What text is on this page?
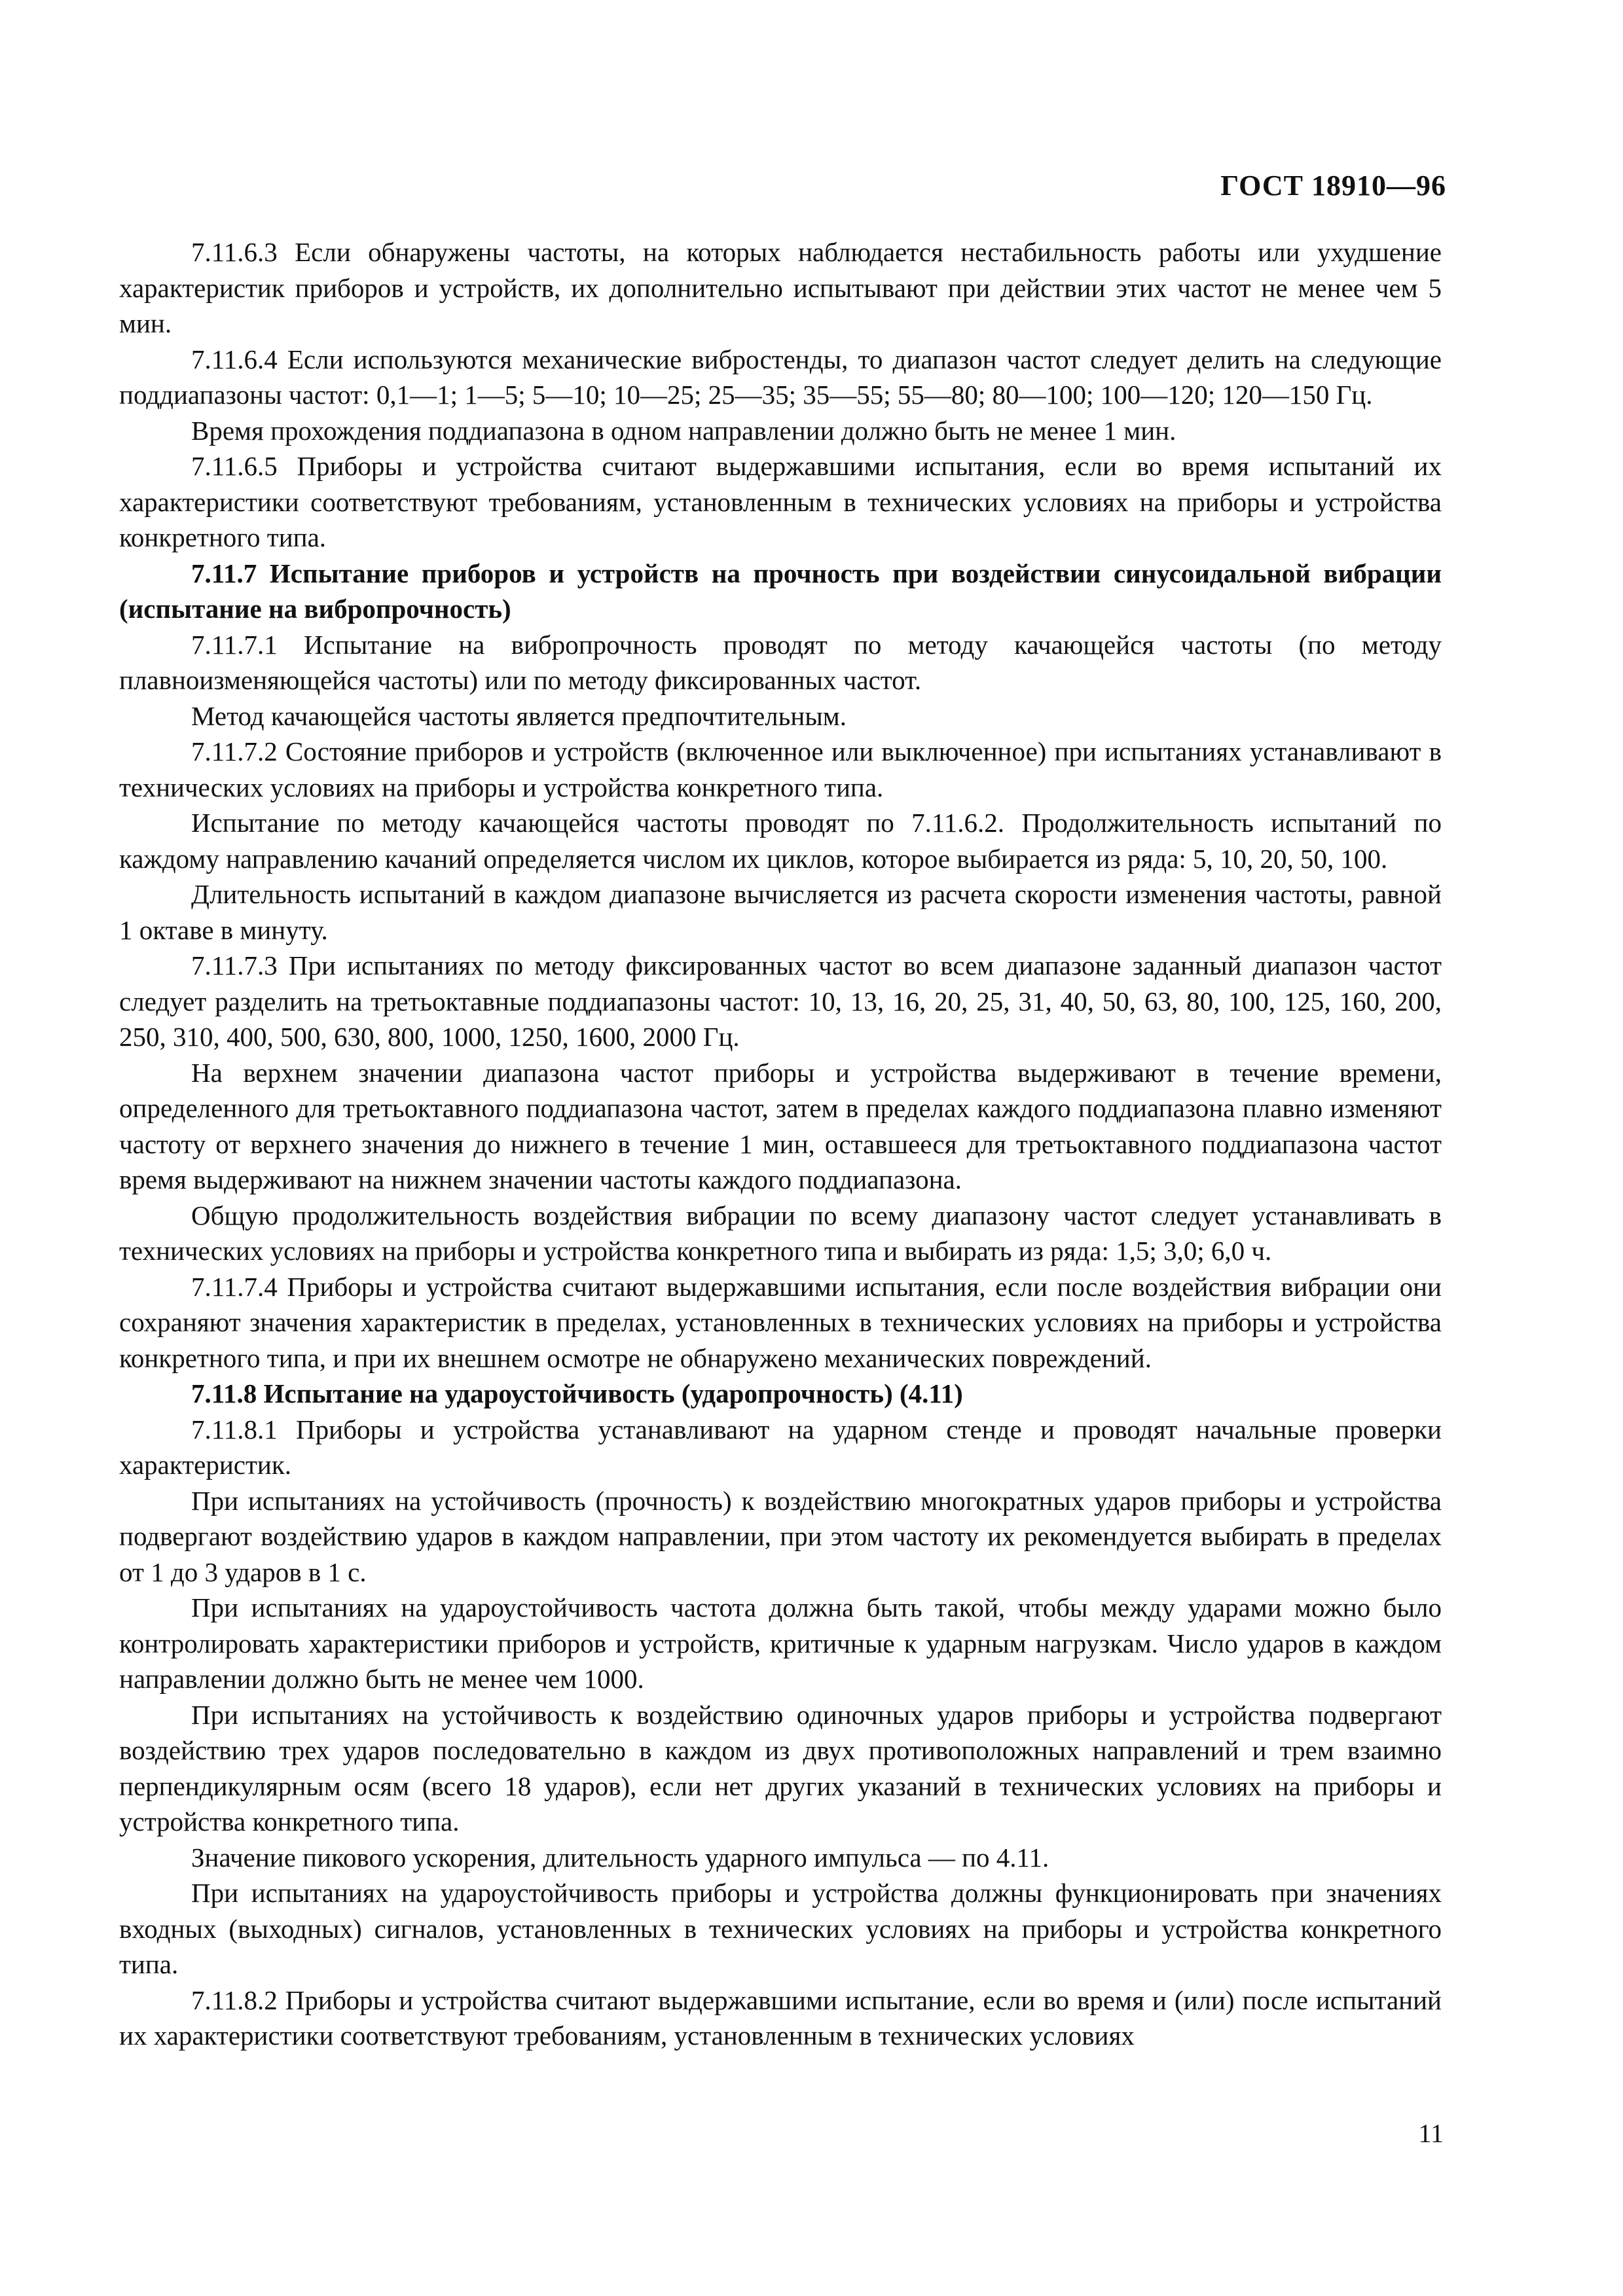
ГОСТ 18910—96

7.11.6.3 Если обнаружены частоты, на которых наблюдается нестабильность работы или ухудшение характеристик приборов и устройств, их дополнительно испытывают при действии этих частот не менее чем 5 мин.

7.11.6.4 Если используются механические вибростенды, то диапазон частот следует делить на следующие поддиапазоны частот: 0,1—1; 1—5; 5—10; 10—25; 25—35; 35—55; 55—80; 80—100; 100—120; 120—150 Гц.

Время прохождения поддиапазона в одном направлении должно быть не менее 1 мин.

7.11.6.5 Приборы и устройства считают выдержавшими испытания, если во время испытаний их характеристики соответствуют требованиям, установленным в технических условиях на приборы и устройства конкретного типа.

7.11.7 Испытание приборов и устройств на прочность при воздействии синусоидальной вибрации (испытание на вибропрочность)

7.11.7.1 Испытание на вибропрочность проводят по методу качающейся частоты (по методу плавноизменяющейся частоты) или по методу фиксированных частот.

Метод качающейся частоты является предпочтительным.

7.11.7.2 Состояние приборов и устройств (включенное или выключенное) при испытаниях устанавливают в технических условиях на приборы и устройства конкретного типа.

Испытание по методу качающейся частоты проводят по 7.11.6.2. Продолжительность испытаний по каждому направлению качаний определяется числом их циклов, которое выбирается из ряда: 5, 10, 20, 50, 100.

Длительность испытаний в каждом диапазоне вычисляется из расчета скорости изменения частоты, равной 1 октаве в минуту.

7.11.7.3 При испытаниях по методу фиксированных частот во всем диапазоне заданный диапазон частот следует разделить на третьоктавные поддиапазоны частот: 10, 13, 16, 20, 25, 31, 40, 50, 63, 80, 100, 125, 160, 200, 250, 310, 400, 500, 630, 800, 1000, 1250, 1600, 2000 Гц.

На верхнем значении диапазона частот приборы и устройства выдерживают в течение времени, определенного для третьоктавного поддиапазона частот, затем в пределах каждого поддиапазона плавно изменяют частоту от верхнего значения до нижнего в течение 1 мин, оставшееся для третьоктавного поддиапазона частот время выдерживают на нижнем значении частоты каждого поддиапазона.

Общую продолжительность воздействия вибрации по всему диапазону частот следует устанавливать в технических условиях на приборы и устройства конкретного типа и выбирать из ряда: 1,5; 3,0; 6,0 ч.

7.11.7.4 Приборы и устройства считают выдержавшими испытания, если после воздействия вибрации они сохраняют значения характеристик в пределах, установленных в технических условиях на приборы и устройства конкретного типа, и при их внешнем осмотре не обнаружено механических повреждений.

7.11.8 Испытание на удароустойчивость (ударопрочность) (4.11)

7.11.8.1 Приборы и устройства устанавливают на ударном стенде и проводят начальные проверки характеристик.

При испытаниях на устойчивость (прочность) к воздействию многократных ударов приборы и устройства подвергают воздействию ударов в каждом направлении, при этом частоту их рекомендуется выбирать в пределах от 1 до 3 ударов в 1 с.

При испытаниях на удароустойчивость частота должна быть такой, чтобы между ударами можно было контролировать характеристики приборов и устройств, критичные к ударным нагрузкам. Число ударов в каждом направлении должно быть не менее чем 1000.

При испытаниях на устойчивость к воздействию одиночных ударов приборы и устройства подвергают воздействию трех ударов последовательно в каждом из двух противоположных направлений и трем взаимно перпендикулярным осям (всего 18 ударов), если нет других указаний в технических условиях на приборы и устройства конкретного типа.

Значение пикового ускорения, длительность ударного импульса — по 4.11.

При испытаниях на удароустойчивость приборы и устройства должны функционировать при значениях входных (выходных) сигналов, установленных в технических условиях на приборы и устройства конкретного типа.

7.11.8.2 Приборы и устройства считают выдержавшими испытание, если во время и (или) после испытаний их характеристики соответствуют требованиям, установленным в технических условиях

11
